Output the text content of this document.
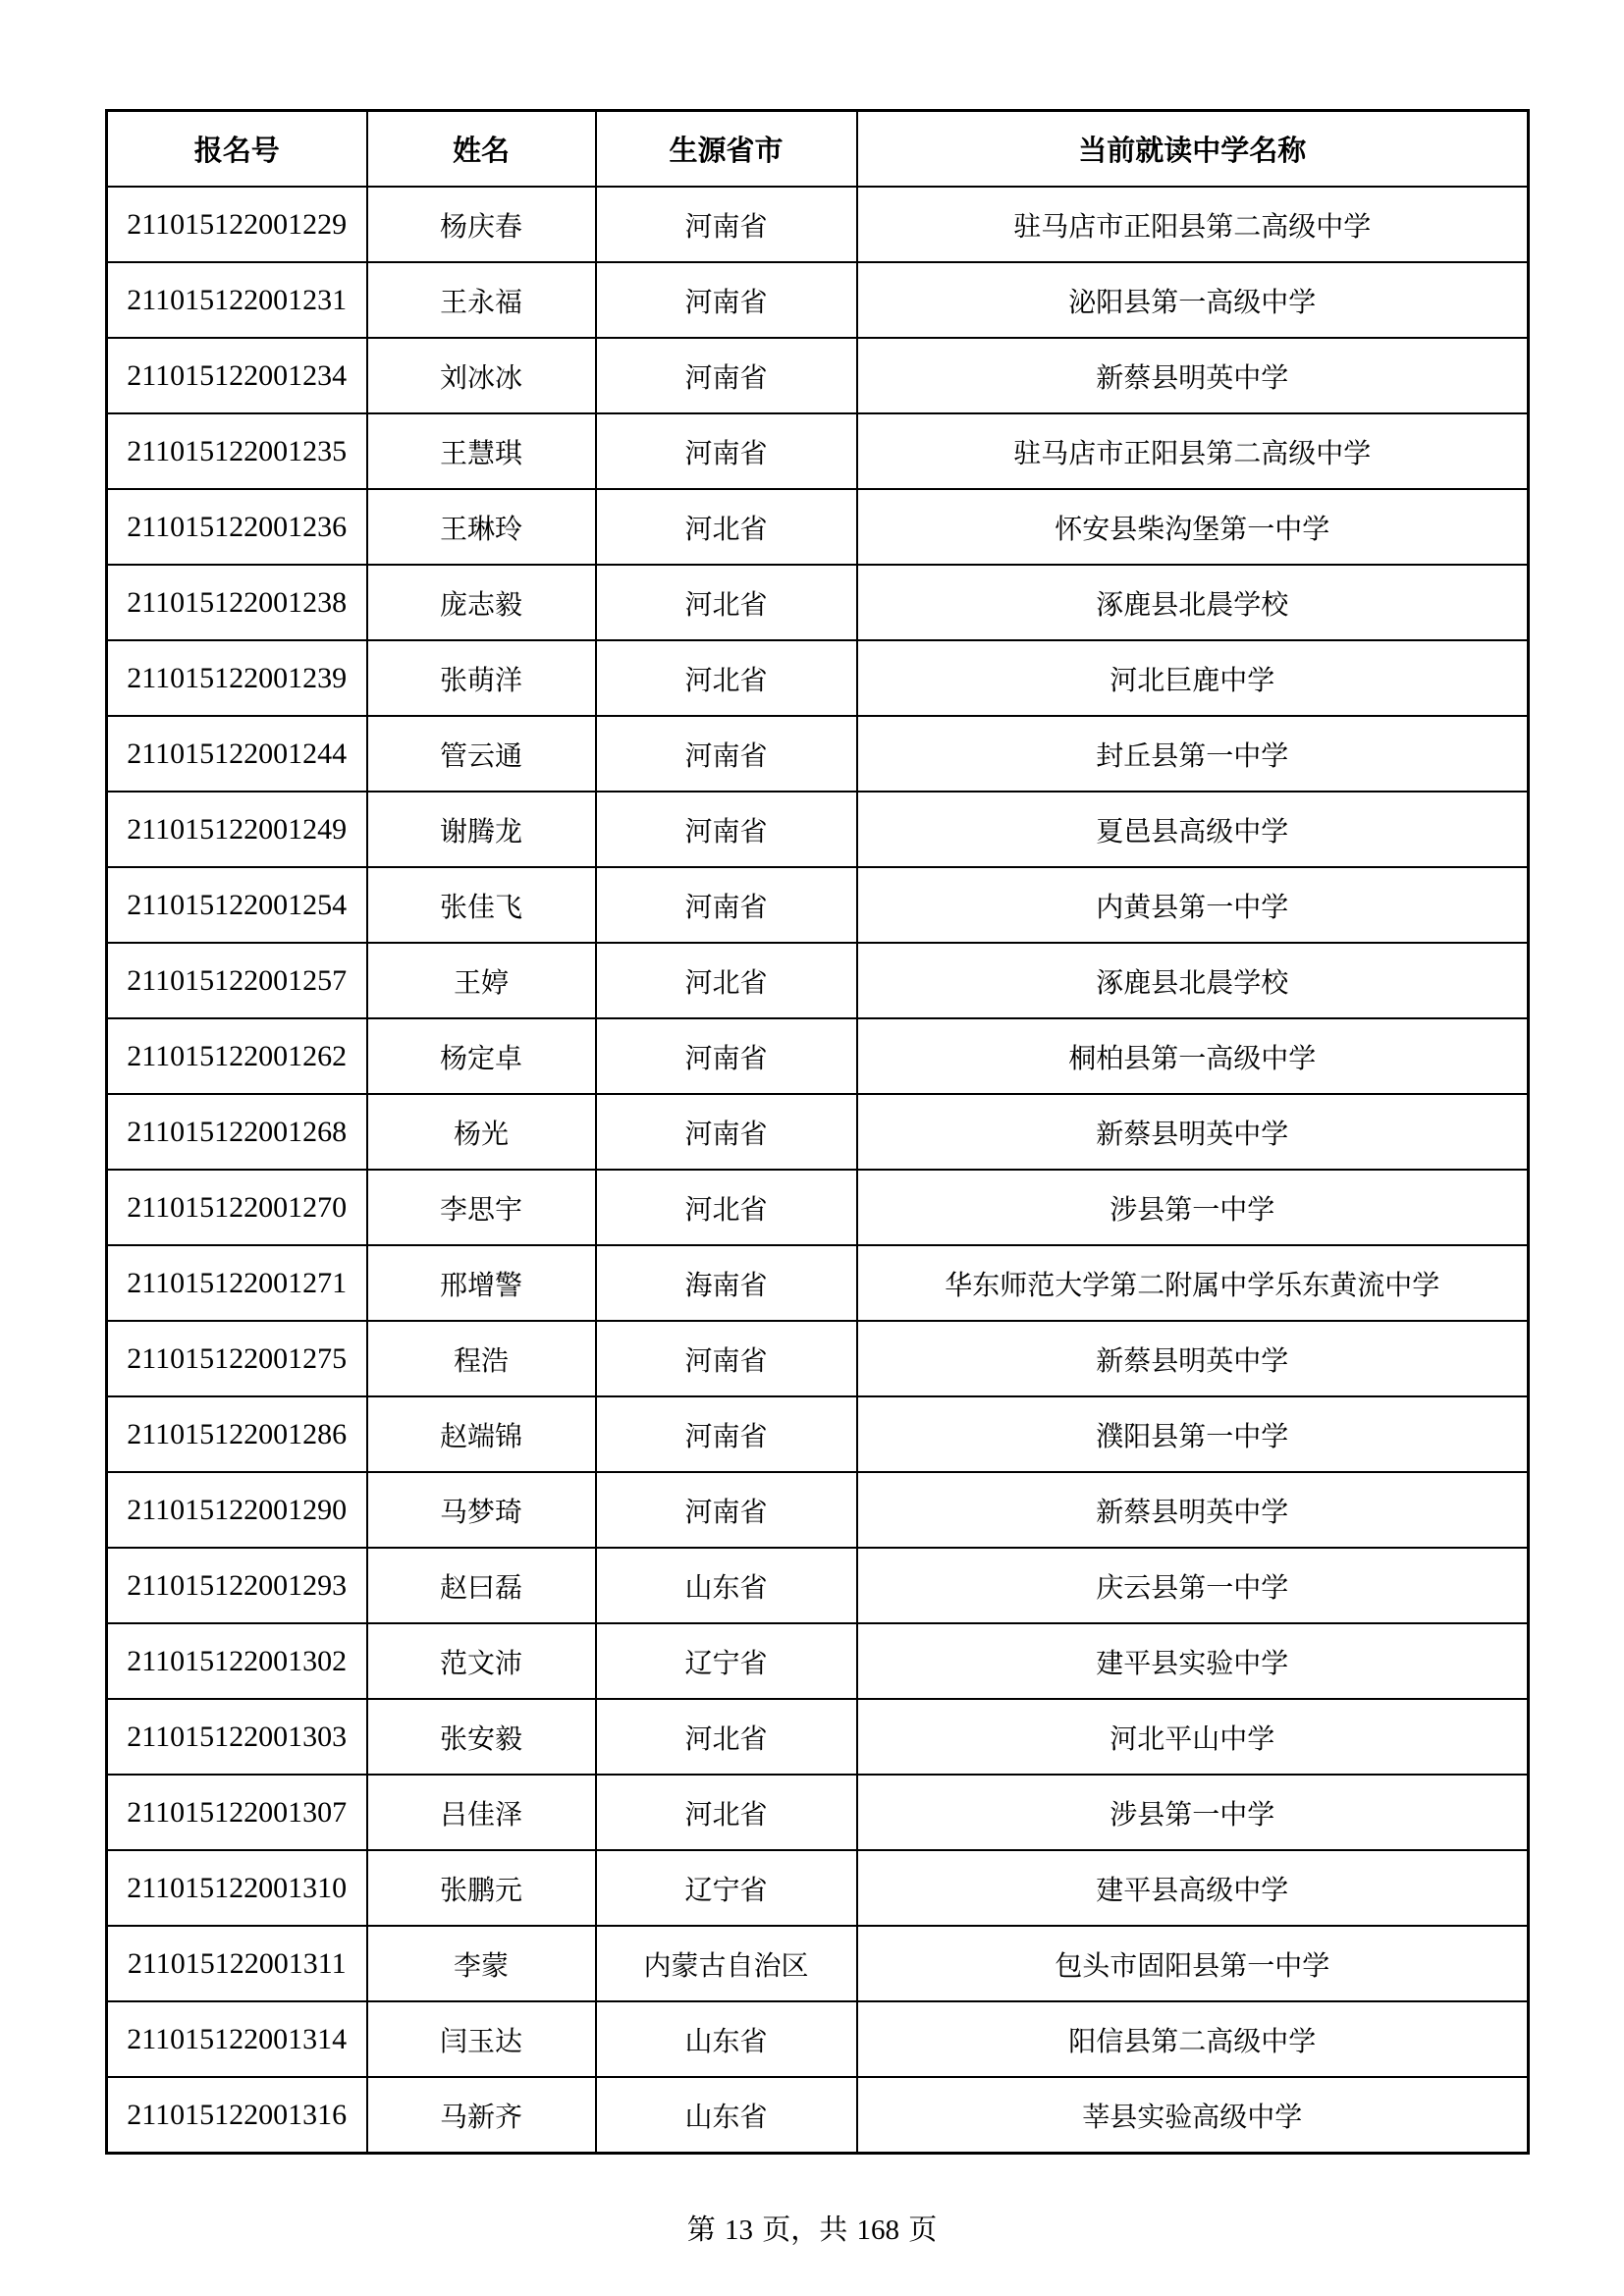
报名号	姓名	生源省市	当前就读中学名称
211015122001229	杨庆春	河南省	驻马店市正阳县第二高级中学
211015122001231	王永福	河南省	泌阳县第一高级中学
211015122001234	刘冰冰	河南省	新蔡县明英中学
211015122001235	王慧琪	河南省	驻马店市正阳县第二高级中学
211015122001236	王琳玲	河北省	怀安县柴沟堡第一中学
211015122001238	庞志毅	河北省	涿鹿县北晨学校
211015122001239	张萌洋	河北省	河北巨鹿中学
211015122001244	管云通	河南省	封丘县第一中学
211015122001249	谢腾龙	河南省	夏邑县高级中学
211015122001254	张佳飞	河南省	内黄县第一中学
211015122001257	王婷	河北省	涿鹿县北晨学校
211015122001262	杨定卓	河南省	桐柏县第一高级中学
211015122001268	杨光	河南省	新蔡县明英中学
211015122001270	李思宇	河北省	涉县第一中学
211015122001271	邢增警	海南省	华东师范大学第二附属中学乐东黄流中学
211015122001275	程浩	河南省	新蔡县明英中学
211015122001286	赵端锦	河南省	濮阳县第一中学
211015122001290	马梦琦	河南省	新蔡县明英中学
211015122001293	赵曰磊	山东省	庆云县第一中学
211015122001302	范文沛	辽宁省	建平县实验中学
211015122001303	张安毅	河北省	河北平山中学
211015122001307	吕佳泽	河北省	涉县第一中学
211015122001310	张鹏元	辽宁省	建平县高级中学
211015122001311	李蒙	内蒙古自治区	包头市固阳县第一中学
211015122001314	闫玉达	山东省	阳信县第二高级中学
211015122001316	马新齐	山东省	莘县实验高级中学
第 13 页，共 168 页
